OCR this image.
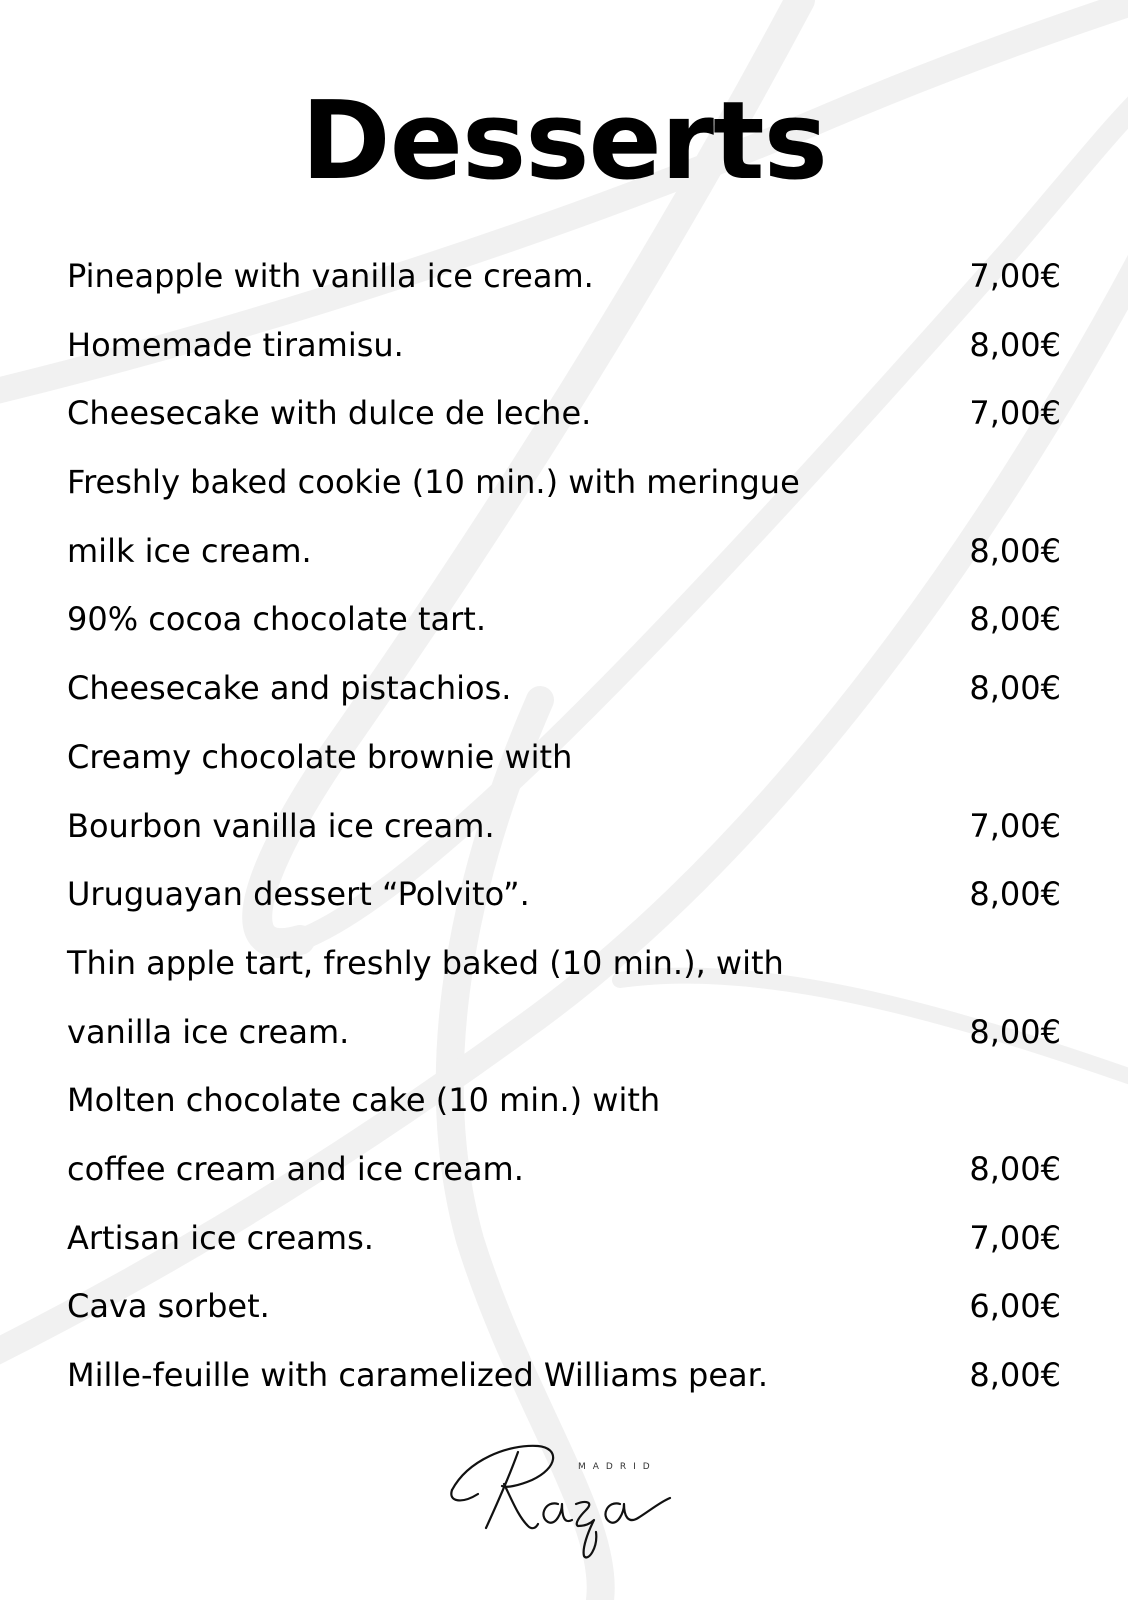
Desserts
Pineapple with vanilla ice cream.	7,00€
Homemade tiramisu.	8,00€
Cheesecake with dulce de leche.	7,00€
Freshly baked cookie (10 min.) with meringue
milk ice cream.	8,00€
90% cocoa chocolate tart.	8,00€
Cheesecake and pistachios.	8,00€
Creamy chocolate brownie with
Bourbon vanilla ice cream.	7,00€
Uruguayan dessert “Polvito”.	8,00€
Thin apple tart, freshly baked (10 min.), with
vanilla ice cream.	8,00€
Molten chocolate cake (10 min.) with
coffee cream and ice cream.	8,00€
Artisan ice creams.	7,00€
Cava sorbet.	6,00€
Mille-feuille with caramelized Williams pear.	8,00€
MADRID
